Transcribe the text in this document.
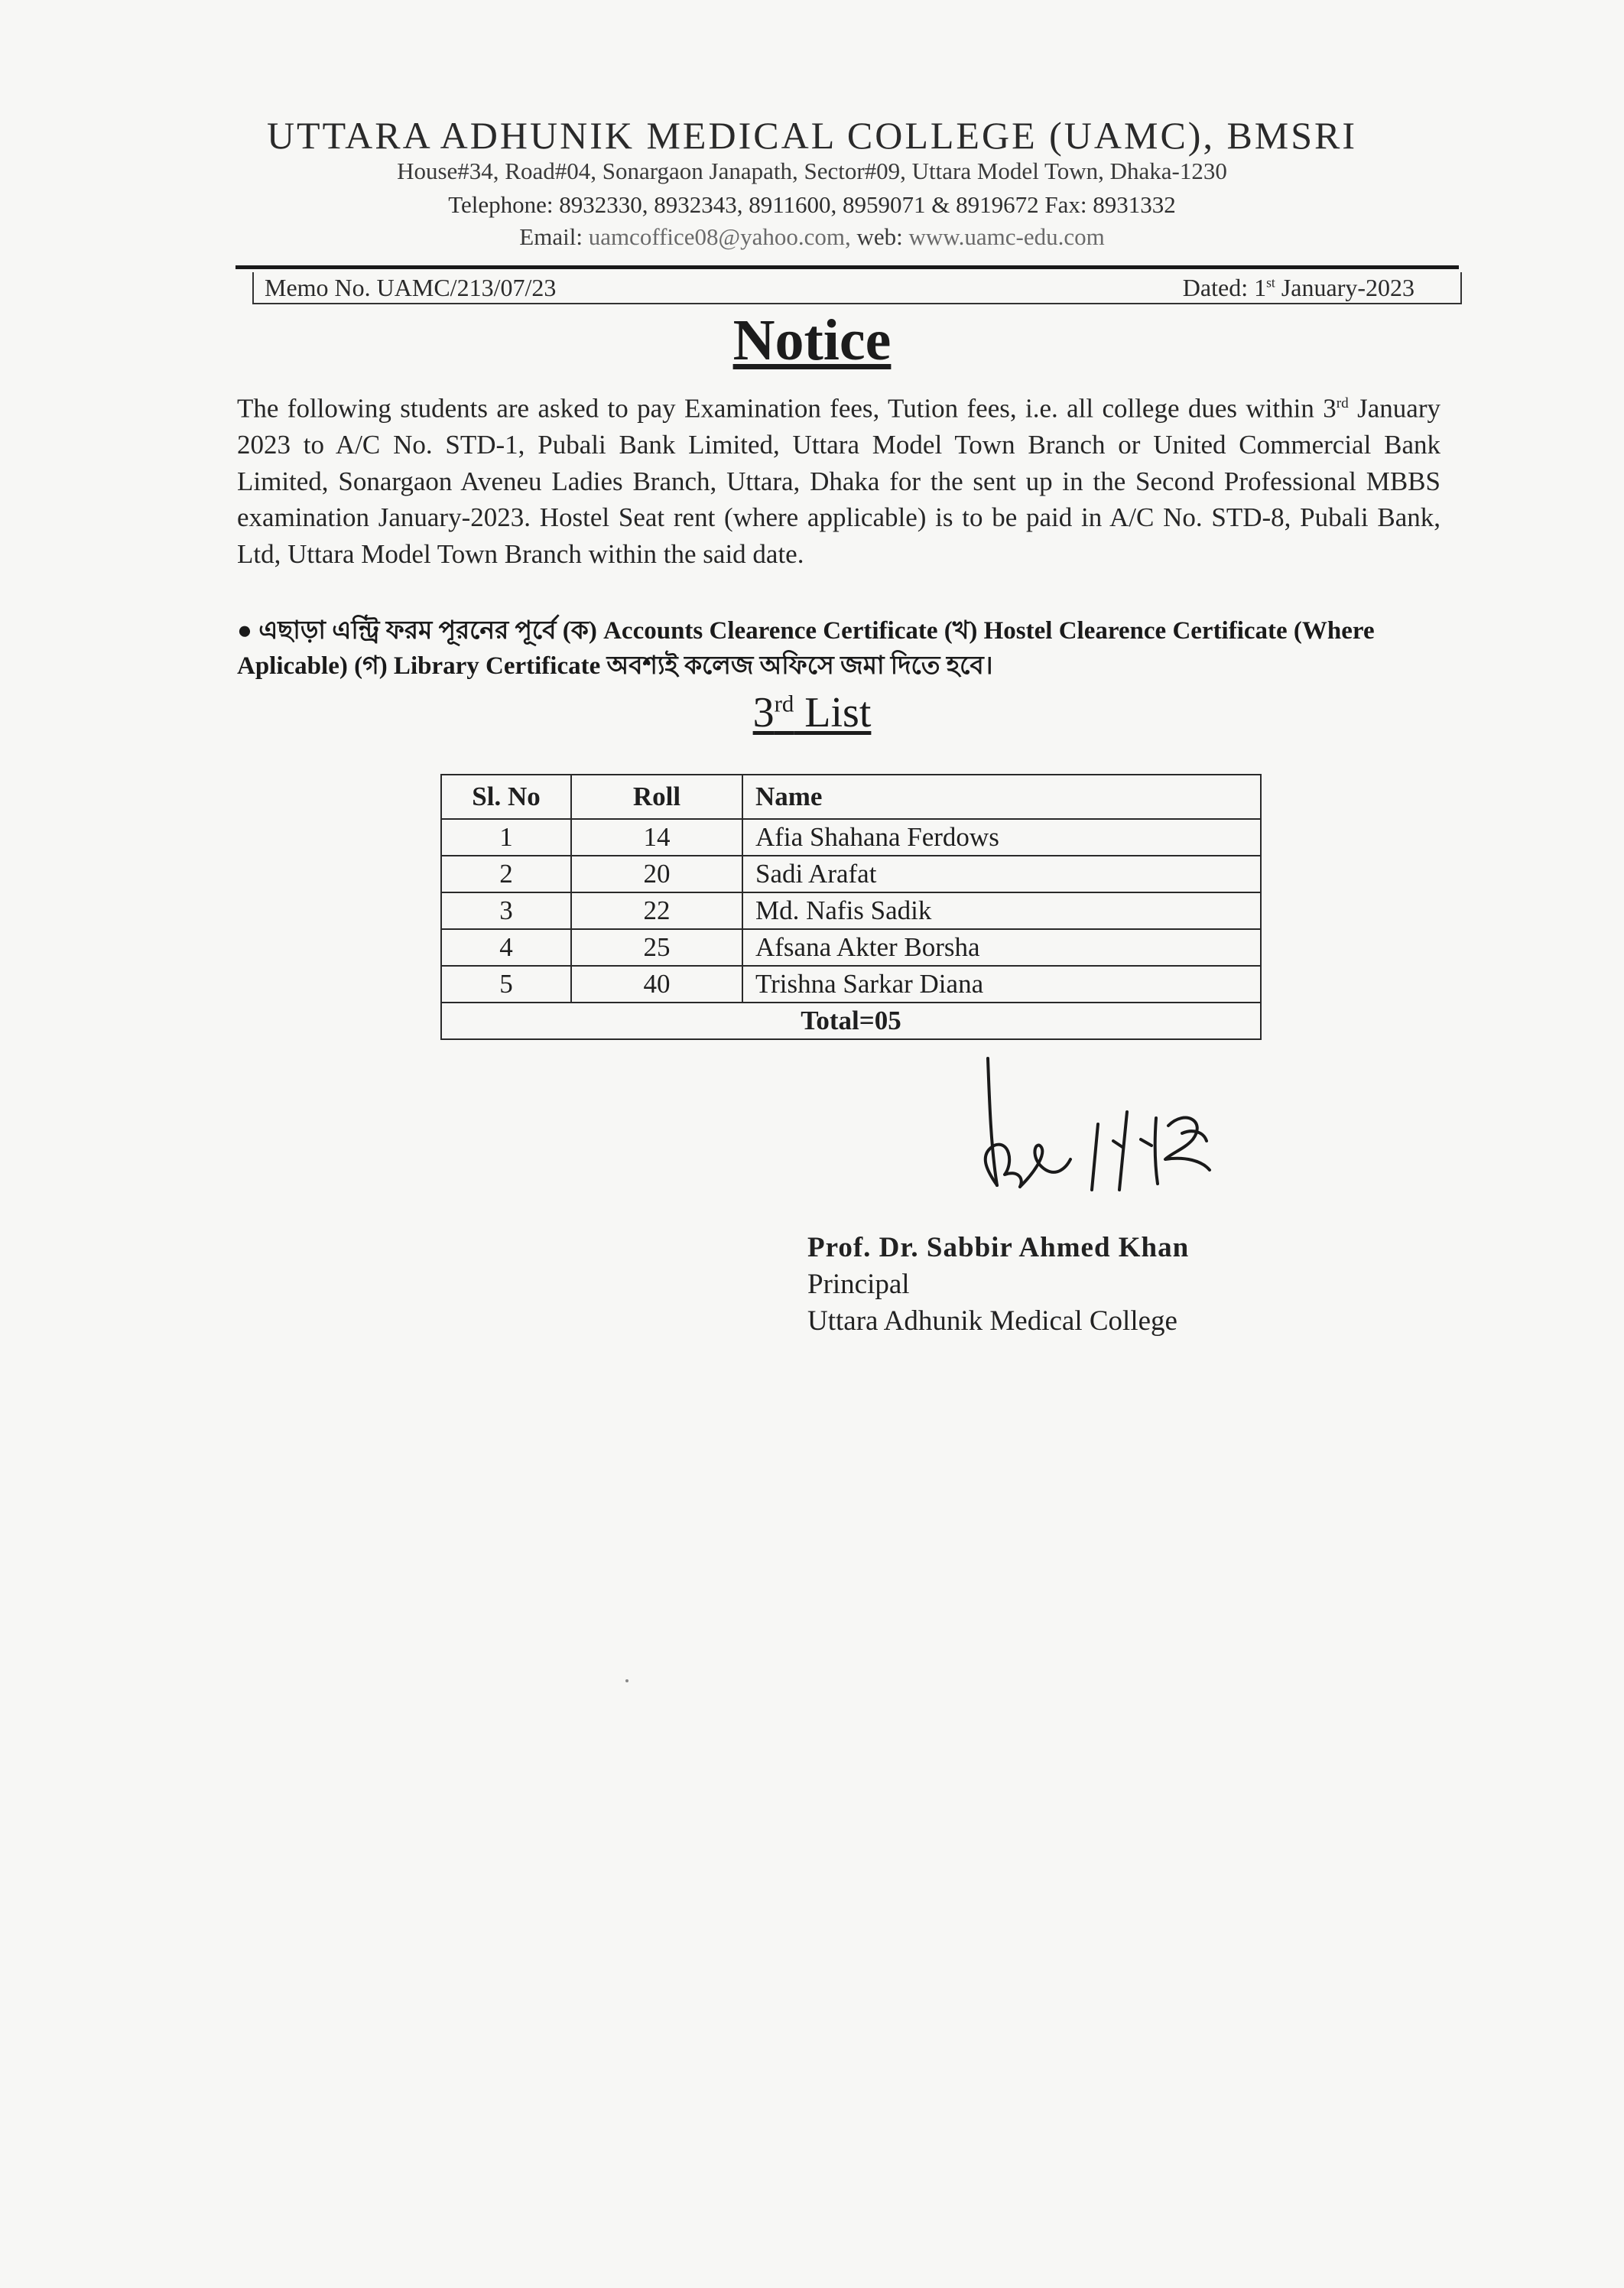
UTTARA ADHUNIK MEDICAL COLLEGE (UAMC), BMSRI
House#34, Road#04, Sonargaon Janapath, Sector#09, Uttara Model Town, Dhaka-1230
Telephone: 8932330, 8932343, 8911600, 8959071 & 8919672 Fax: 8931332
Email: uamcoffice08@yahoo.com, web: www.uamc-edu.com
Memo No. UAMC/213/07/23	Dated: 1st January-2023
Notice
The following students are asked to pay Examination fees, Tution fees, i.e. all college dues within 3rd January 2023 to A/C No. STD-1, Pubali Bank Limited, Uttara Model Town Branch or United Commercial Bank Limited, Sonargaon Aveneu Ladies Branch, Uttara, Dhaka for the sent up in the Second Professional MBBS examination January-2023. Hostel Seat rent (where applicable) is to be paid in A/C No. STD-8, Pubali Bank, Ltd, Uttara Model Town Branch within the said date.
● এছাড়া এন্ট্রি ফরম পূরনের পূর্বে (ক) Accounts Clearence Certificate (খ) Hostel Clearence Certificate (Where Aplicable) (গ) Library Certificate অবশ্যই কলেজ অফিসে জমা দিতে হবে।
3rd List
Sl. No	Roll	Name
1	14	Afia Shahana Ferdows
2	20	Sadi Arafat
3	22	Md. Nafis Sadik
4	25	Afsana Akter Borsha
5	40	Trishna Sarkar Diana
Total=05		
Prof. Dr. Sabbir Ahmed Khan
Principal
Uttara Adhunik Medical College
